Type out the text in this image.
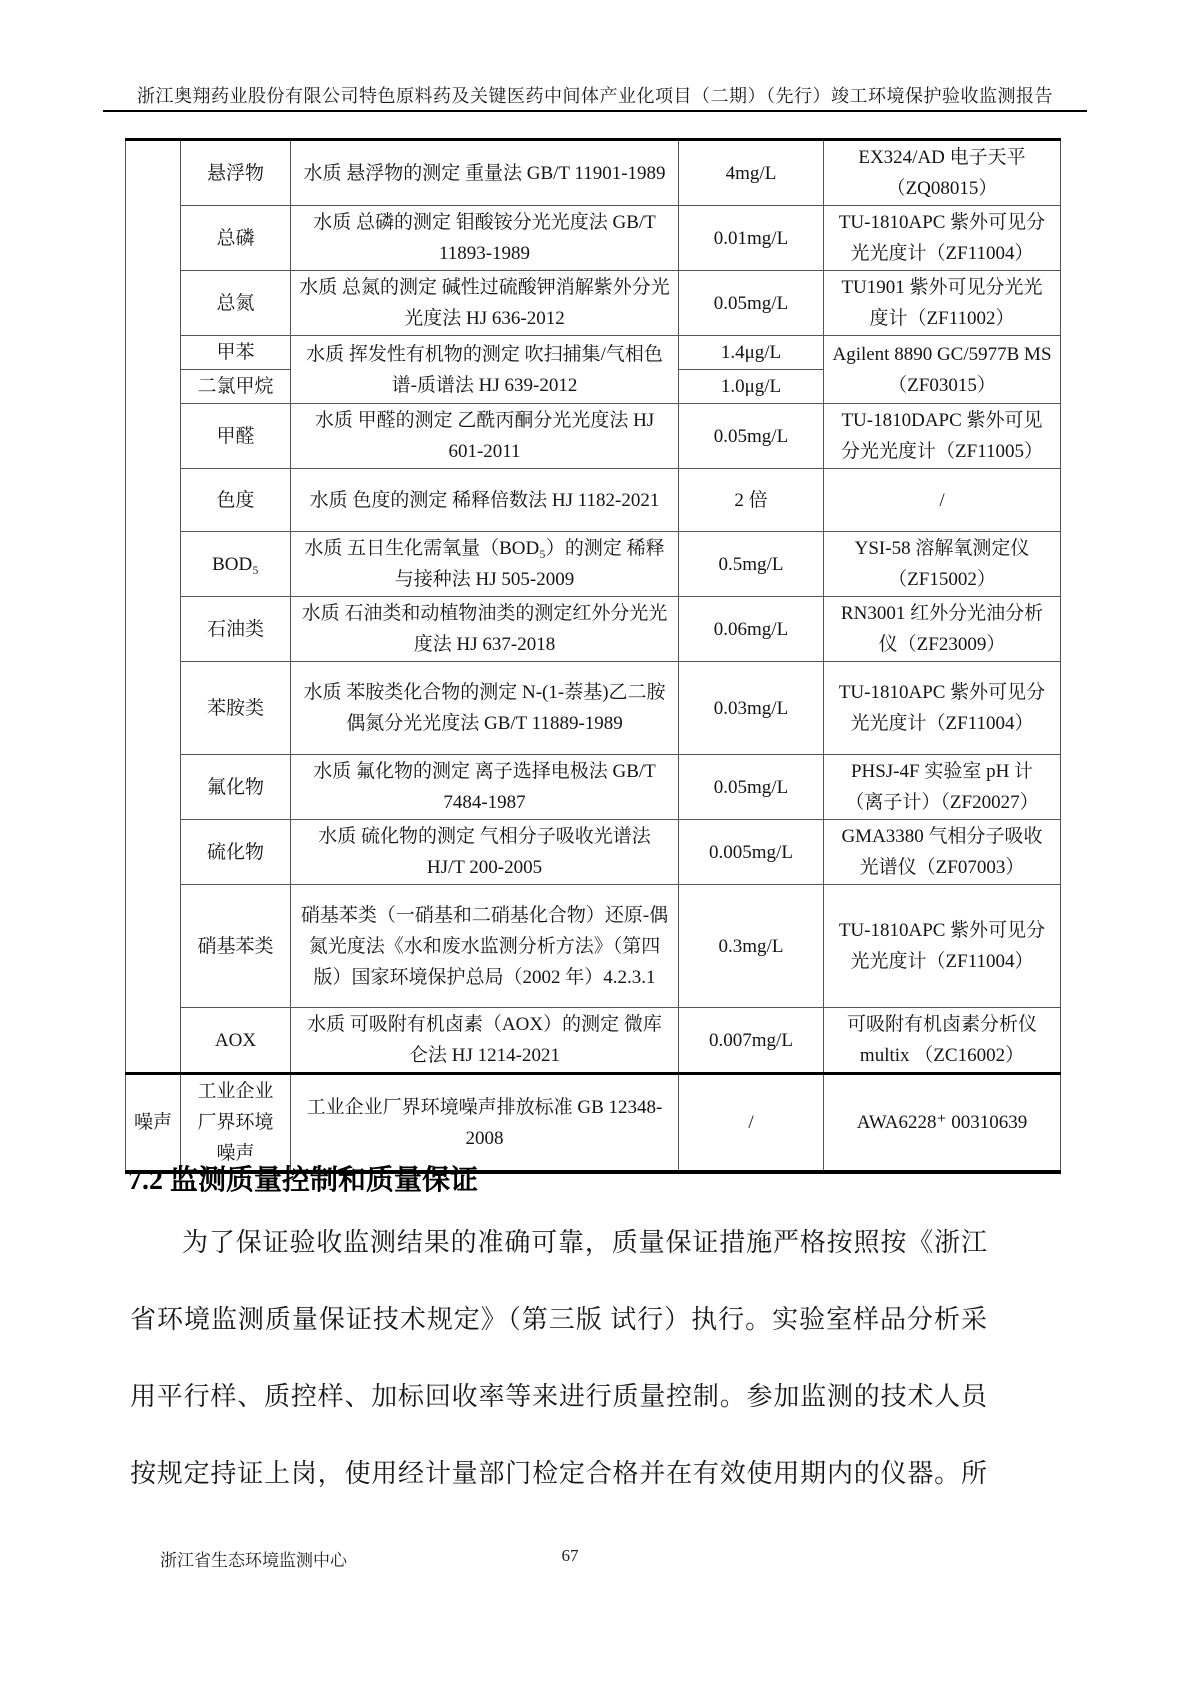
浙江奥翔药业股份有限公司特色原料药及关键医药中间体产业化项目（二期）（先行）竣工环境保护验收监测报告
	悬浮物	水质 悬浮物的测定 重量法 GB/T 11901-1989	4mg/L	EX324/AD 电子天平（ZQ08015）
	总磷	水质 总磷的测定 钼酸铵分光光度法 GB/T 11893-1989	0.01mg/L	TU-1810APC 紫外可见分光光度计（ZF11004）
	总氮	水质 总氮的测定 碱性过硫酸钾消解紫外分光光度法 HJ 636-2012	0.05mg/L	TU1901 紫外可见分光光度计（ZF11002）
	甲苯	水质 挥发性有机物的测定 吹扫捕集/气相色谱-质谱法 HJ 639-2012	1.4μg/L	Agilent 8890 GC/5977B MS（ZF03015）
	二氯甲烷		1.0μg/L	
	甲醛	水质 甲醛的测定 乙酰丙酮分光光度法 HJ 601-2011	0.05mg/L	TU-1810DAPC 紫外可见分光光度计（ZF11005）
	色度	水质 色度的测定 稀释倍数法 HJ 1182-2021	2 倍	/
	BOD₅	水质 五日生化需氧量（BOD₅）的测定 稀释与接种法 HJ 505-2009	0.5mg/L	YSI-58 溶解氧测定仪（ZF15002）
	石油类	水质 石油类和动植物油类的测定红外分光光度法 HJ 637-2018	0.06mg/L	RN3001 红外分光油分析仪（ZF23009）
	苯胺类	水质 苯胺类化合物的测定 N-(1-萘基)乙二胺偶氮分光光度法 GB/T 11889-1989	0.03mg/L	TU-1810APC 紫外可见分光光度计（ZF11004）
	氟化物	水质 氟化物的测定 离子选择电极法 GB/T 7484-1987	0.05mg/L	PHSJ-4F 实验室 pH 计（离子计）（ZF20027）
	硫化物	水质 硫化物的测定 气相分子吸收光谱法 HJ/T 200-2005	0.005mg/L	GMA3380 气相分子吸收光谱仪（ZF07003）
	硝基苯类	硝基苯类（一硝基和二硝基化合物）还原-偶氮光度法《水和废水监测分析方法》（第四版）国家环境保护总局（2002 年）4.2.3.1	0.3mg/L	TU-1810APC 紫外可见分光光度计（ZF11004）
	AOX	水质 可吸附有机卤素（AOX）的测定 微库仑法 HJ 1214-2021	0.007mg/L	可吸附有机卤素分析仪 multix （ZC16002）
噪声	工业企业厂界环境噪声	工业企业厂界环境噪声排放标准 GB 12348-2008	/	AWA6228⁺ 00310639
7.2 监测质量控制和质量保证
为了保证验收监测结果的准确可靠，质量保证措施严格按照按《浙江
省环境监测质量保证技术规定》（第三版 试行）执行。实验室样品分析采
用平行样、质控样、加标回收率等来进行质量控制。参加监测的技术人员
按规定持证上岗，使用经计量部门检定合格并在有效使用期内的仪器。所
浙江省生态环境监测中心	67
